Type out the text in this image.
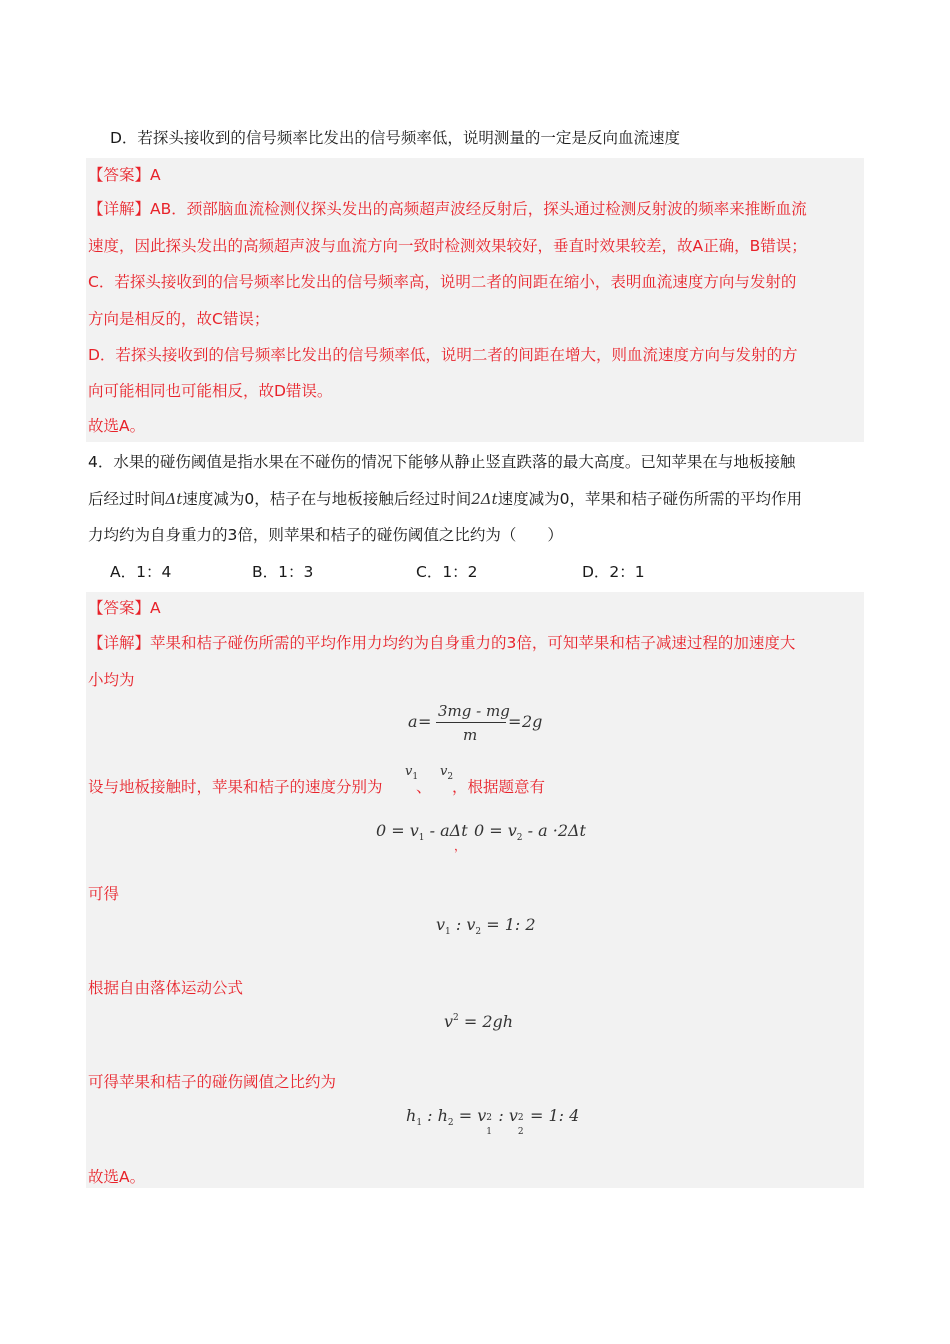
D．若探头接收到的信号频率比发出的信号频率低，说明测量的一定是反向血流速度
【答案】A
【详解】AB．颈部脑血流检测仪探头发出的高频超声波经反射后，探头通过检测反射波的频率来推断血流
速度，因此探头发出的高频超声波与血流方向一致时检测效果较好，垂直时效果较差，故A正确，B错误；
C．若探头接收到的信号频率比发出的信号频率高，说明二者的间距在缩小，表明血流速度方向与发射的
方向是相反的，故C错误；
D．若探头接收到的信号频率比发出的信号频率低，说明二者的间距在增大，则血流速度方向与发射的方
向可能相同也可能相反，故D错误。
故选A。
4．水果的碰伤阈值是指水果在不碰伤的情况下能够从静止竖直跌落的最大高度。已知苹果在与地板接触
后经过时间Δt速度减为0，桔子在与地板接触后经过时间2Δt速度减为0，苹果和桔子碰伤所需的平均作用
力均约为自身重力的3倍，则苹果和桔子的碰伤阈值之比约为（　　）
A．1：4	B．1：3	C．1：2	D．2：1
【答案】A
【详解】苹果和桔子碰伤所需的平均作用力均约为自身重力的3倍，可知苹果和桔子减速过程的加速度大
小均为
a =
3mg - mg
m
= 2g
设与地板接触时，苹果和桔子的速度分别为
$v_1$
、
$v_2$
，根据题意有
$0 = v_1 - a\Delta t$
，
$0 = v_2 - a \cdot 2\Delta t$
可得
$v_1$ : $v_2 = 1$: 2
根据自由落体运动公式
$v^2 = 2gh$
可得苹果和桔子的碰伤阈值之比约为
$h_1$ : $h_2 = v$ 2
1
: v 2
2
= 1: 4
故选A。
